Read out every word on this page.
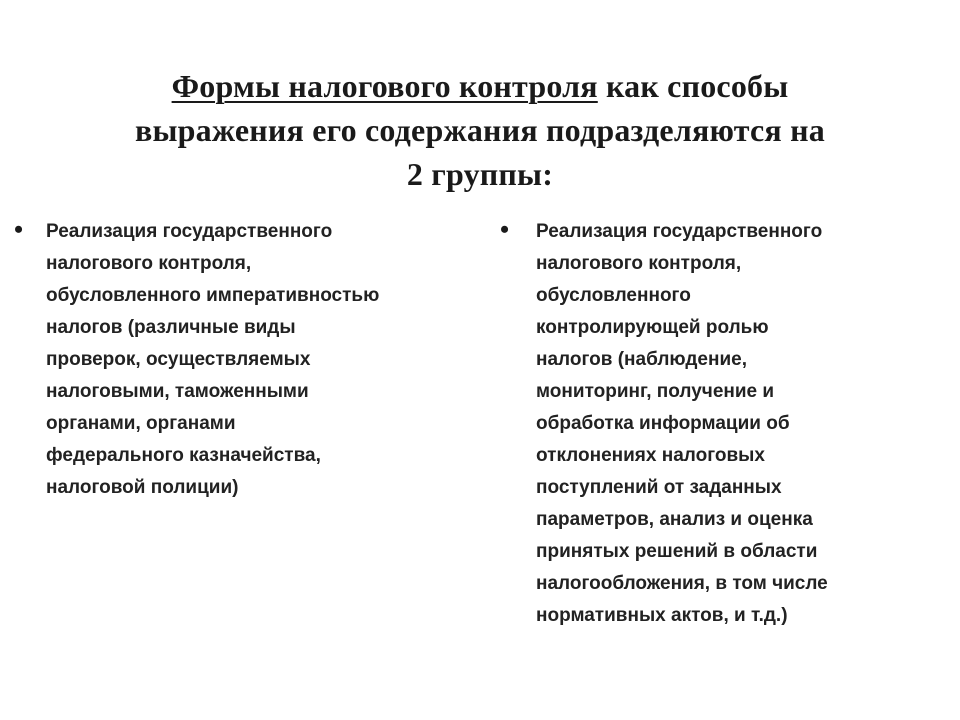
Формы налогового контроля как способы
выражения его содержания подразделяются на
2 группы:
•	Реализация государственного
налогового контроля,
обусловленного императивностью
налогов (различные виды
проверок, осуществляемых
налоговыми, таможенными
органами, органами
федерального казначейства,
налоговой полиции)
•	Реализация государственного
налогового контроля,
обусловленного
контролирующей ролью
налогов (наблюдение,
мониторинг, получение и
обработка информации об
отклонениях налоговых
поступлений от заданных
параметров, анализ и оценка
принятых решений в области
налогообложения, в том числе
нормативных актов, и т.д.)
